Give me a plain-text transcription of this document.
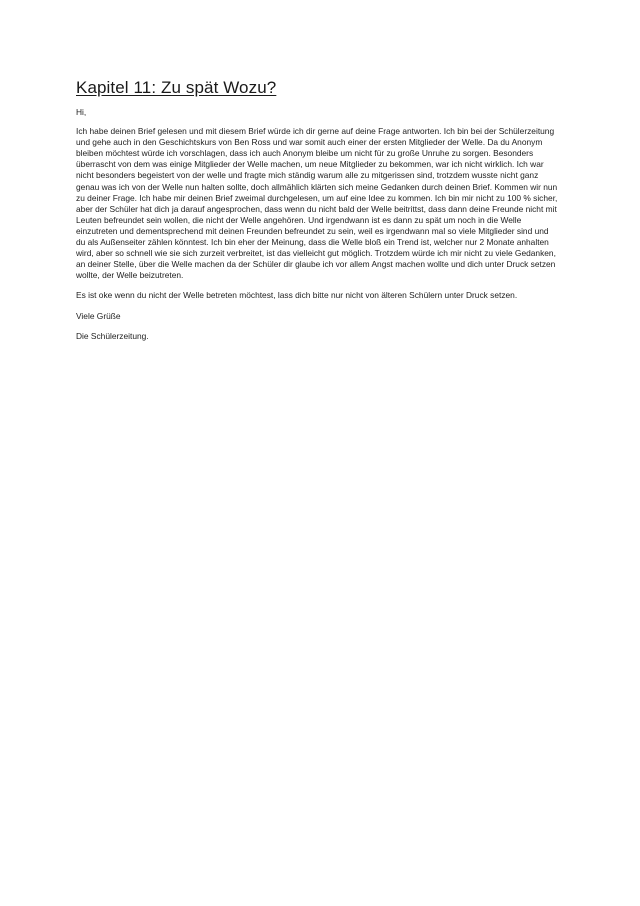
Kapitel 11: Zu spät Wozu?

Hi,

Ich habe deinen Brief gelesen und mit diesem Brief würde ich dir gerne auf deine Frage antworten. Ich bin bei der Schülerzeitung und gehe auch in den Geschichtskurs von Ben Ross und war somit auch einer der ersten Mitglieder der Welle. Da du Anonym bleiben möchtest würde ich vorschlagen, dass ich auch Anonym bleibe um nicht für zu große Unruhe zu sorgen. Besonders überrascht von dem was einige Mitglieder der Welle machen, um neue Mitglieder zu bekommen, war ich nicht wirklich. Ich war nicht besonders begeistert von der welle und fragte mich ständig warum alle zu mitgerissen sind, trotzdem wusste nicht ganz genau was ich von der Welle nun halten sollte, doch allmählich klärten sich meine Gedanken durch deinen Brief. Kommen wir nun zu deiner Frage. Ich habe mir deinen Brief zweimal durchgelesen, um auf eine Idee zu kommen. Ich bin mir nicht zu 100 % sicher, aber der Schüler hat dich ja darauf angesprochen, dass wenn du nicht bald der Welle beitrittst, dass dann deine Freunde nicht mit Leuten befreundet sein wollen, die nicht der Welle angehören. Und irgendwann ist es dann zu spät um noch in die Welle einzutreten und dementsprechend mit deinen Freunden befreundet zu sein, weil es irgendwann mal so viele Mitglieder sind und du als Außenseiter zählen könntest. Ich bin eher der Meinung, dass die Welle bloß ein Trend ist, welcher nur 2 Monate anhalten wird, aber so schnell wie sie sich zurzeit verbreitet, ist das vielleicht gut möglich. Trotzdem würde ich mir nicht zu viele Gedanken, an deiner Stelle, über die Welle machen da der Schüler dir glaube ich vor allem Angst machen wollte und dich unter Druck setzen wollte, der Welle beizutreten.

Es ist oke wenn du nicht der Welle betreten möchtest, lass dich bitte nur nicht von älteren Schülern unter Druck setzen.

Viele Grüße

Die Schülerzeitung.
